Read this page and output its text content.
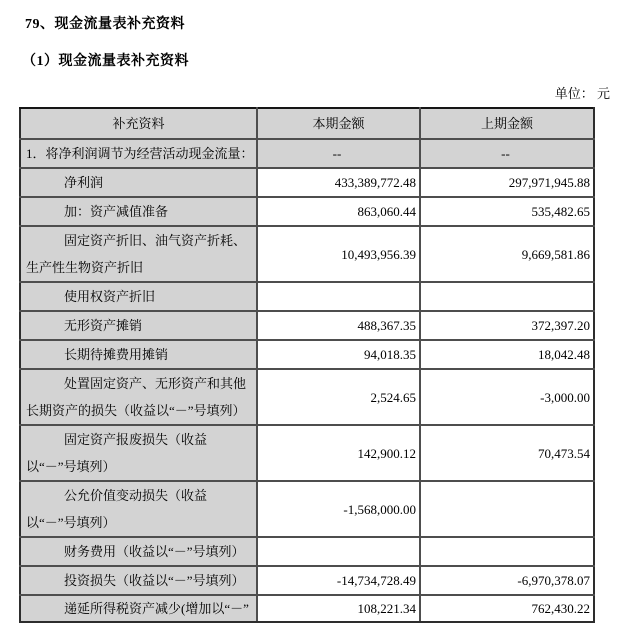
79、现金流量表补充资料
（1）现金流量表补充资料
单位： 元
补充资料	本期金额	上期金额
1．将净利润调节为经营活动现金流量：	--	--
净利润	433,389,772.48	297,971,945.88
加：资产减值准备	863,060.44	535,482.65
固定资产折旧、油气资产折耗、生产性生物资产折旧	10,493,956.39	9,669,581.86
使用权资产折旧		
无形资产摊销	488,367.35	372,397.20
长期待摊费用摊销	94,018.35	18,042.48
处置固定资产、无形资产和其他长期资产的损失（收益以“－”号填列）	2,524.65	-3,000.00
固定资产报废损失（收益以“－”号填列）	142,900.12	70,473.54
公允价值变动损失（收益以“－”号填列）	-1,568,000.00	
财务费用（收益以“－”号填列）		
投资损失（收益以“－”号填列）	-14,734,728.49	-6,970,378.07
递延所得税资产减少(增加以“－”	108,221.34	762,430.22
